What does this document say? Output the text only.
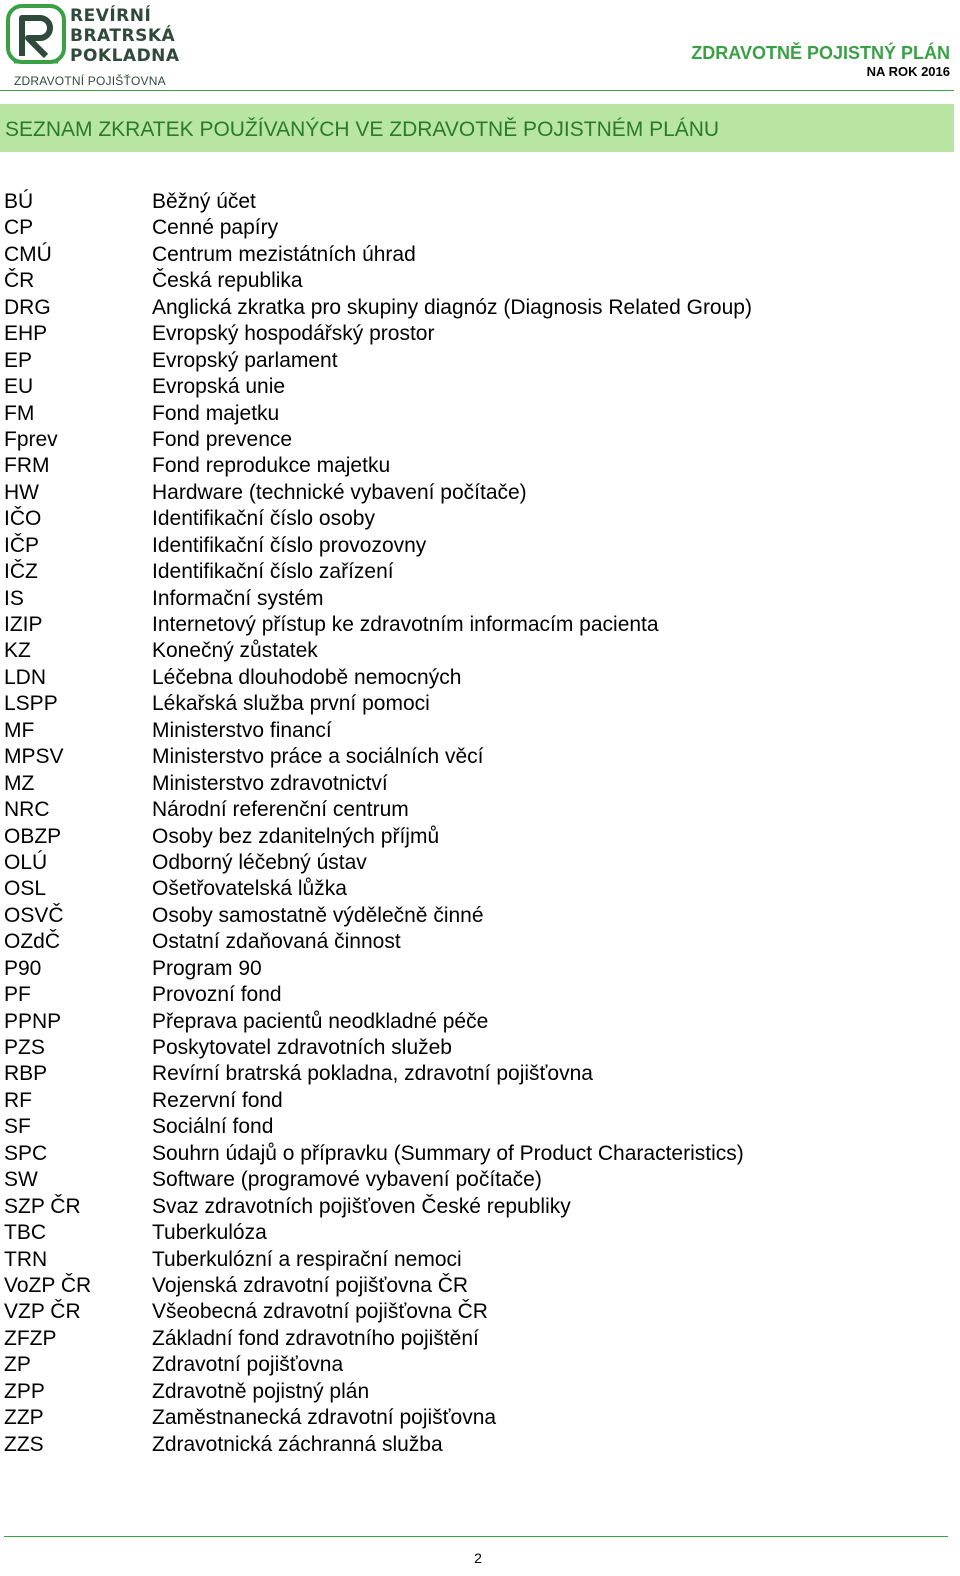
REVÍRNÍ
BRATRSKÁ
POKLADNA
ZDRAVOTNÍ POJIŠŤOVNA
ZDRAVOTNĚ POJISTNÝ PLÁN
NA ROK 2016
SEZNAM ZKRATEK POUŽÍVANÝCH VE ZDRAVOTNĚ POJISTNÉM PLÁNU
BÚ	Běžný účet
CP	Cenné papíry
CMÚ	Centrum mezistátních úhrad
ČR	Česká republika
DRG	Anglická zkratka pro skupiny diagnóz (Diagnosis Related Group)
EHP	Evropský hospodářský prostor
EP	Evropský parlament
EU	Evropská unie
FM	Fond majetku
Fprev	Fond prevence
FRM	Fond reprodukce majetku
HW	Hardware (technické vybavení počítače)
IČO	Identifikační číslo osoby
IČP	Identifikační číslo provozovny
IČZ	Identifikační číslo zařízení
IS	Informační systém
IZIP	Internetový přístup ke zdravotním informacím pacienta
KZ	Konečný zůstatek
LDN	Léčebna dlouhodobě nemocných
LSPP	Lékařská služba první pomoci
MF	Ministerstvo financí
MPSV	Ministerstvo práce a sociálních věcí
MZ	Ministerstvo zdravotnictví
NRC	Národní referenční centrum
OBZP	Osoby bez zdanitelných příjmů
OLÚ	Odborný léčebný ústav
OSL	Ošetřovatelská lůžka
OSVČ	Osoby samostatně výdělečně činné
OZdČ	Ostatní zdaňovaná činnost
P90	Program 90
PF	Provozní fond
PPNP	Přeprava pacientů neodkladné péče
PZS	Poskytovatel zdravotních služeb
RBP	Revírní bratrská pokladna, zdravotní pojišťovna
RF	Rezervní fond
SF	Sociální fond
SPC	Souhrn údajů o přípravku (Summary of Product Characteristics)
SW	Software (programové vybavení počítače)
SZP ČR	Svaz zdravotních pojišťoven České republiky
TBC	Tuberkulóza
TRN	Tuberkulózní a respirační nemoci
VoZP ČR	Vojenská zdravotní pojišťovna ČR
VZP ČR	Všeobecná zdravotní pojišťovna ČR
ZFZP	Základní fond zdravotního pojištění
ZP	Zdravotní pojišťovna
ZPP	Zdravotně pojistný plán
ZZP	Zaměstnanecká zdravotní pojišťovna
ZZS	Zdravotnická záchranná služba
2
